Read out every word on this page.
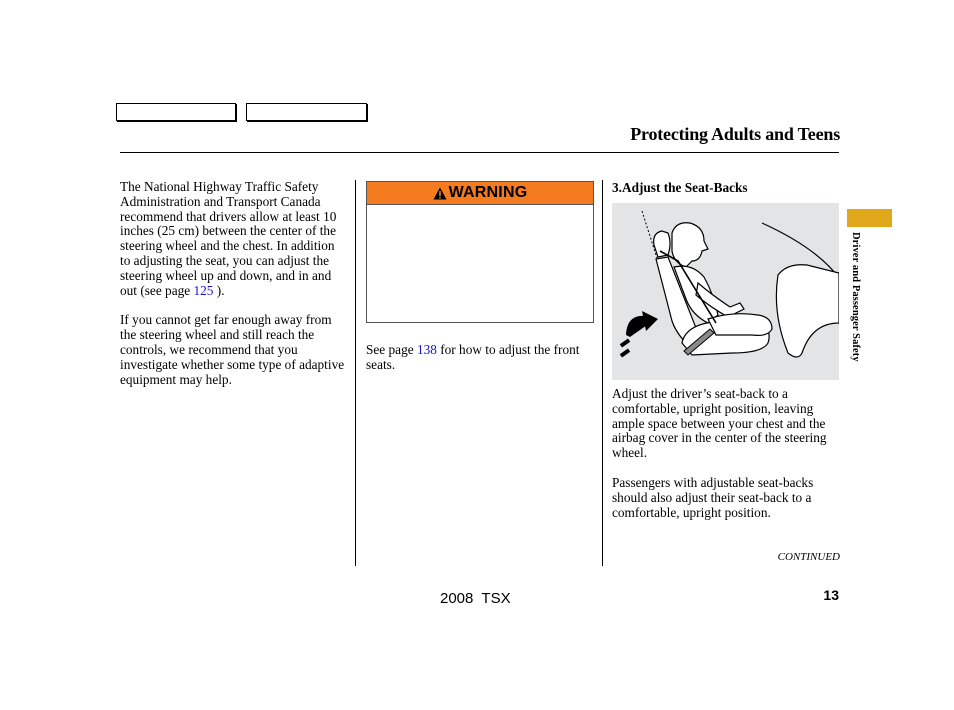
Protecting Adults and Teens

The National Highway Traffic Safety Administration and Transport Canada recommend that drivers allow at least 10 inches (25 cm) between the center of the steering wheel and the chest. In addition to adjusting the seat, you can adjust the steering wheel up and down, and in and out (see page 125 ).

If you cannot get far enough away from the steering wheel and still reach the controls, we recommend that you investigate whether some type of adaptive equipment may help.

WARNING

See page 138 for how to adjust the front seats.

3.Adjust the Seat-Backs

Adjust the driver’s seat-back to a comfortable, upright position, leaving ample space between your chest and the airbag cover in the center of the steering wheel.

Passengers with adjustable seat-backs should also adjust their seat-back to a comfortable, upright position.

CONTINUED
Driver and Passenger Safety
2008  TSX	13
